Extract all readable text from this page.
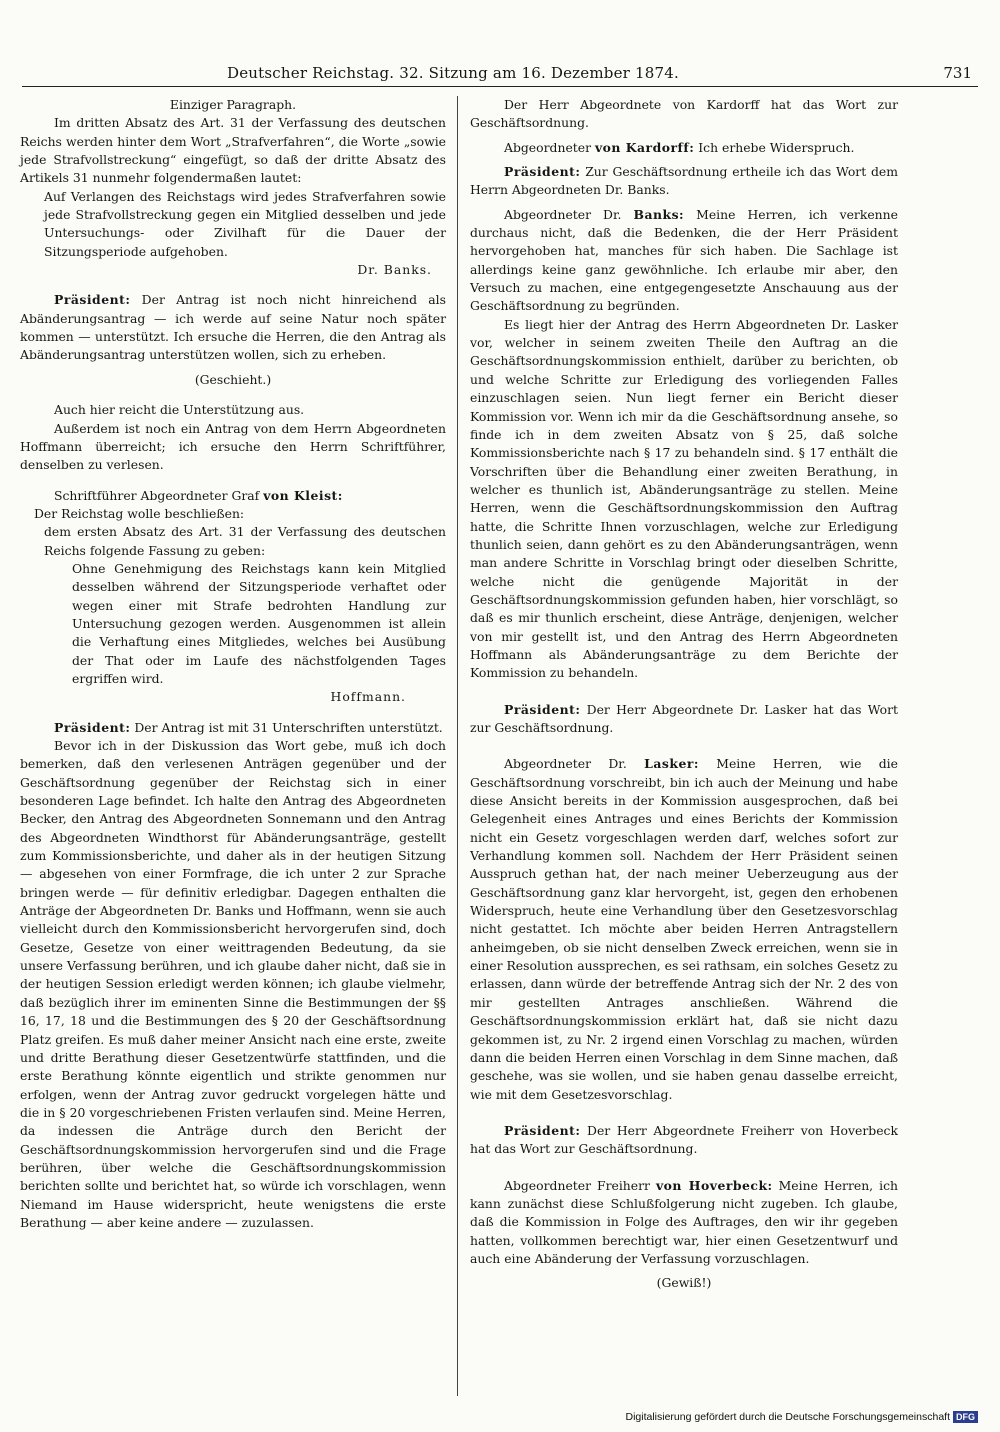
Deutscher Reichstag. 32. Sitzung am 16. Dezember 1874.	731

Einziger Paragraph.

Im dritten Absatz des Art. 31 der Verfassung des deutschen Reichs werden hinter dem Wort „Strafverfahren“, die Worte „sowie jede Strafvollstreckung“ eingefügt, so daß der dritte Absatz des Artikels 31 nunmehr folgendermaßen lautet:

Auf Verlangen des Reichstags wird jedes Strafverfahren sowie jede Strafvollstreckung gegen ein Mitglied desselben und jede Untersuchungs- oder Zivilhaft für die Dauer der Sitzungsperiode aufgehoben.

Dr. Banks.

Präsident: Der Antrag ist noch nicht hinreichend als Abänderungsantrag — ich werde auf seine Natur noch später kommen — unterstützt. Ich ersuche die Herren, die den Antrag als Abänderungsantrag unterstützen wollen, sich zu erheben.

(Geschieht.)

Auch hier reicht die Unterstützung aus.

Außerdem ist noch ein Antrag von dem Herrn Abgeordneten Hoffmann überreicht; ich ersuche den Herrn Schriftführer, denselben zu verlesen.

Schriftführer Abgeordneter Graf von Kleist:

Der Reichstag wolle beschließen:

dem ersten Absatz des Art. 31 der Verfassung des deutschen Reichs folgende Fassung zu geben:

Ohne Genehmigung des Reichstags kann kein Mitglied desselben während der Sitzungsperiode verhaftet oder wegen einer mit Strafe bedrohten Handlung zur Untersuchung gezogen werden. Ausgenommen ist allein die Verhaftung eines Mitgliedes, welches bei Ausübung der That oder im Laufe des nächstfolgenden Tages ergriffen wird.

Hoffmann.

Präsident: Der Antrag ist mit 31 Unterschriften unterstützt.

Bevor ich in der Diskussion das Wort gebe, muß ich doch bemerken, daß den verlesenen Anträgen gegenüber und der Geschäftsordnung gegenüber der Reichstag sich in einer besonderen Lage befindet. Ich halte den Antrag des Abgeordneten Becker, den Antrag des Abgeordneten Sonnemann und den Antrag des Abgeordneten Windthorst für Abänderungsanträge, gestellt zum Kommissionsberichte, und daher als in der heutigen Sitzung — abgesehen von einer Formfrage, die ich unter 2 zur Sprache bringen werde — für definitiv erledigbar. Dagegen enthalten die Anträge der Abgeordneten Dr. Banks und Hoffmann, wenn sie auch vielleicht durch den Kommissionsbericht hervorgerufen sind, doch Gesetze, Gesetze von einer weittragenden Bedeutung, da sie unsere Verfassung berühren, und ich glaube daher nicht, daß sie in der heutigen Session erledigt werden können; ich glaube vielmehr, daß bezüglich ihrer im eminenten Sinne die Bestimmungen der §§ 16, 17, 18 und die Bestimmungen des § 20 der Geschäftsordnung Platz greifen. Es muß daher meiner Ansicht nach eine erste, zweite und dritte Berathung dieser Gesetzentwürfe stattfinden, und die erste Berathung könnte eigentlich und strikte genommen nur erfolgen, wenn der Antrag zuvor gedruckt vorgelegen hätte und die in § 20 vorgeschriebenen Fristen verlaufen sind. Meine Herren, da indessen die Anträge durch den Bericht der Geschäftsordnungskommission hervorgerufen sind und die Frage berühren, über welche die Geschäftsordnungskommission berichten sollte und berichtet hat, so würde ich vorschlagen, wenn Niemand im Hause widerspricht, heute wenigstens die erste Berathung — aber keine andere — zuzulassen.

Der Herr Abgeordnete von Kardorff hat das Wort zur Geschäftsordnung.

Abgeordneter von Kardorff: Ich erhebe Widerspruch.

Präsident: Zur Geschäftsordnung ertheile ich das Wort dem Herrn Abgeordneten Dr. Banks.

Abgeordneter Dr. Banks: Meine Herren, ich verkenne durchaus nicht, daß die Bedenken, die der Herr Präsident hervorgehoben hat, manches für sich haben. Die Sachlage ist allerdings keine ganz gewöhnliche. Ich erlaube mir aber, den Versuch zu machen, eine entgegengesetzte Anschauung aus der Geschäftsordnung zu begründen.

Es liegt hier der Antrag des Herrn Abgeordneten Dr. Lasker vor, welcher in seinem zweiten Theile den Auftrag an die Geschäftsordnungskommission enthielt, darüber zu berichten, ob und welche Schritte zur Erledigung des vorliegenden Falles einzuschlagen seien. Nun liegt ferner ein Bericht dieser Kommission vor. Wenn ich mir da die Geschäftsordnung ansehe, so finde ich in dem zweiten Absatz von § 25, daß solche Kommissionsberichte nach § 17 zu behandeln sind. § 17 enthält die Vorschriften über die Behandlung einer zweiten Berathung, in welcher es thunlich ist, Abänderungsanträge zu stellen. Meine Herren, wenn die Geschäftsordnungskommission den Auftrag hatte, die Schritte Ihnen vorzuschlagen, welche zur Erledigung thunlich seien, dann gehört es zu den Abänderungsanträgen, wenn man andere Schritte in Vorschlag bringt oder dieselben Schritte, welche nicht die genügende Majorität in der Geschäftsordnungskommission gefunden haben, hier vorschlägt, so daß es mir thunlich erscheint, diese Anträge, denjenigen, welcher von mir gestellt ist, und den Antrag des Herrn Abgeordneten Hoffmann als Abänderungsanträge zu dem Berichte der Kommission zu behandeln.

Präsident: Der Herr Abgeordnete Dr. Lasker hat das Wort zur Geschäftsordnung.

Abgeordneter Dr. Lasker: Meine Herren, wie die Geschäftsordnung vorschreibt, bin ich auch der Meinung und habe diese Ansicht bereits in der Kommission ausgesprochen, daß bei Gelegenheit eines Antrages und eines Berichts der Kommission nicht ein Gesetz vorgeschlagen werden darf, welches sofort zur Verhandlung kommen soll. Nachdem der Herr Präsident seinen Ausspruch gethan hat, der nach meiner Ueberzeugung aus der Geschäftsordnung ganz klar hervorgeht, ist, gegen den erhobenen Widerspruch, heute eine Verhandlung über den Gesetzesvorschlag nicht gestattet. Ich möchte aber beiden Herren Antragstellern anheimgeben, ob sie nicht denselben Zweck erreichen, wenn sie in einer Resolution aussprechen, es sei rathsam, ein solches Gesetz zu erlassen, dann würde der betreffende Antrag sich der Nr. 2 des von mir gestellten Antrages anschließen. Während die Geschäftsordnungskommission erklärt hat, daß sie nicht dazu gekommen ist, zu Nr. 2 irgend einen Vorschlag zu machen, würden dann die beiden Herren einen Vorschlag in dem Sinne machen, daß geschehe, was sie wollen, und sie haben genau dasselbe erreicht, wie mit dem Gesetzesvorschlag.

Präsident: Der Herr Abgeordnete Freiherr von Hoverbeck hat das Wort zur Geschäftsordnung.

Abgeordneter Freiherr von Hoverbeck: Meine Herren, ich kann zunächst diese Schlußfolgerung nicht zugeben. Ich glaube, daß die Kommission in Folge des Auftrages, den wir ihr gegeben hatten, vollkommen berechtigt war, hier einen Gesetzentwurf und auch eine Abänderung der Verfassung vorzuschlagen.

(Gewiß!)

Digitalisierung gefördert durch die Deutsche Forschungsgemeinschaft DFG
